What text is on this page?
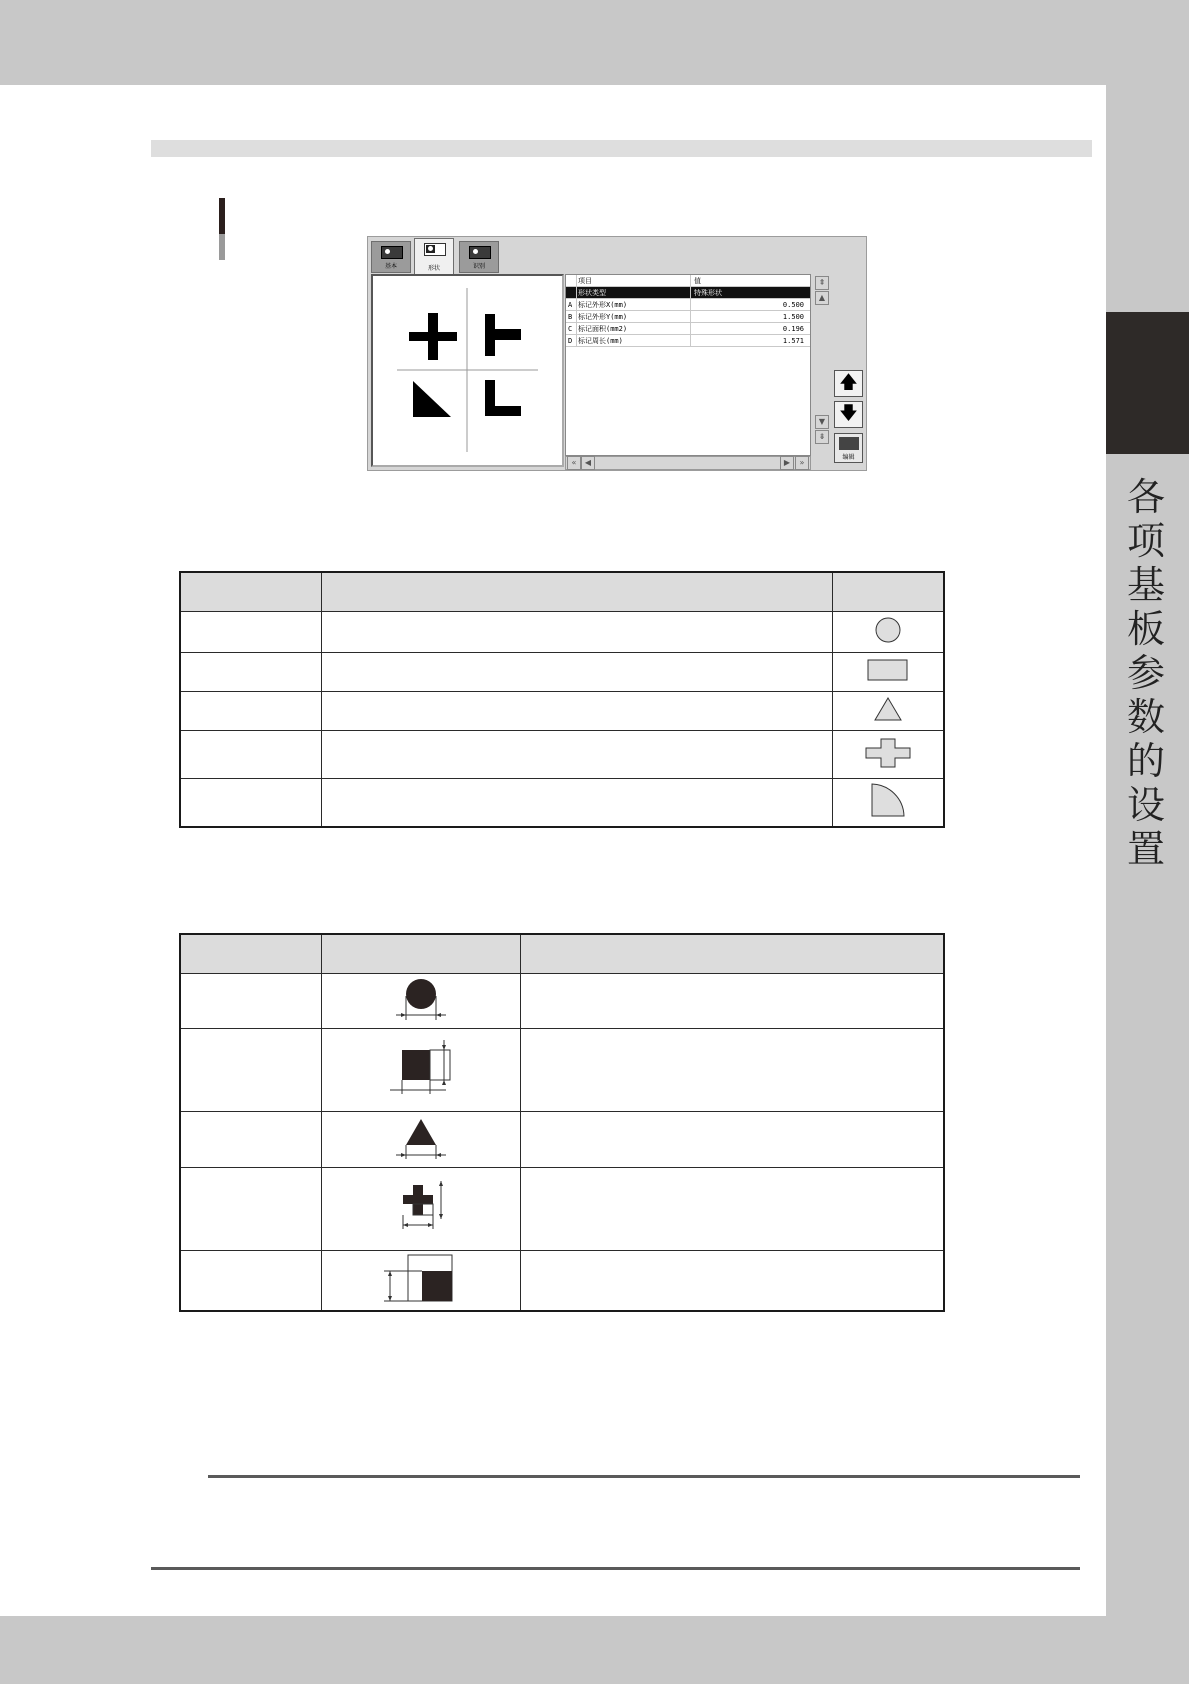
各
项
基
板
参
数
的
设
置
基本	形状	识别
项目	值
形状类型	特殊形状
A 标记外形X(mm)	0.500
B 标记外形Y(mm)	1.500
C 标记面积(mm2)	0.196
D 标记周长(mm)	1.571
⇞
▲
▼
⇟
«	◀	▶	»
🡅
🡇
编辑
